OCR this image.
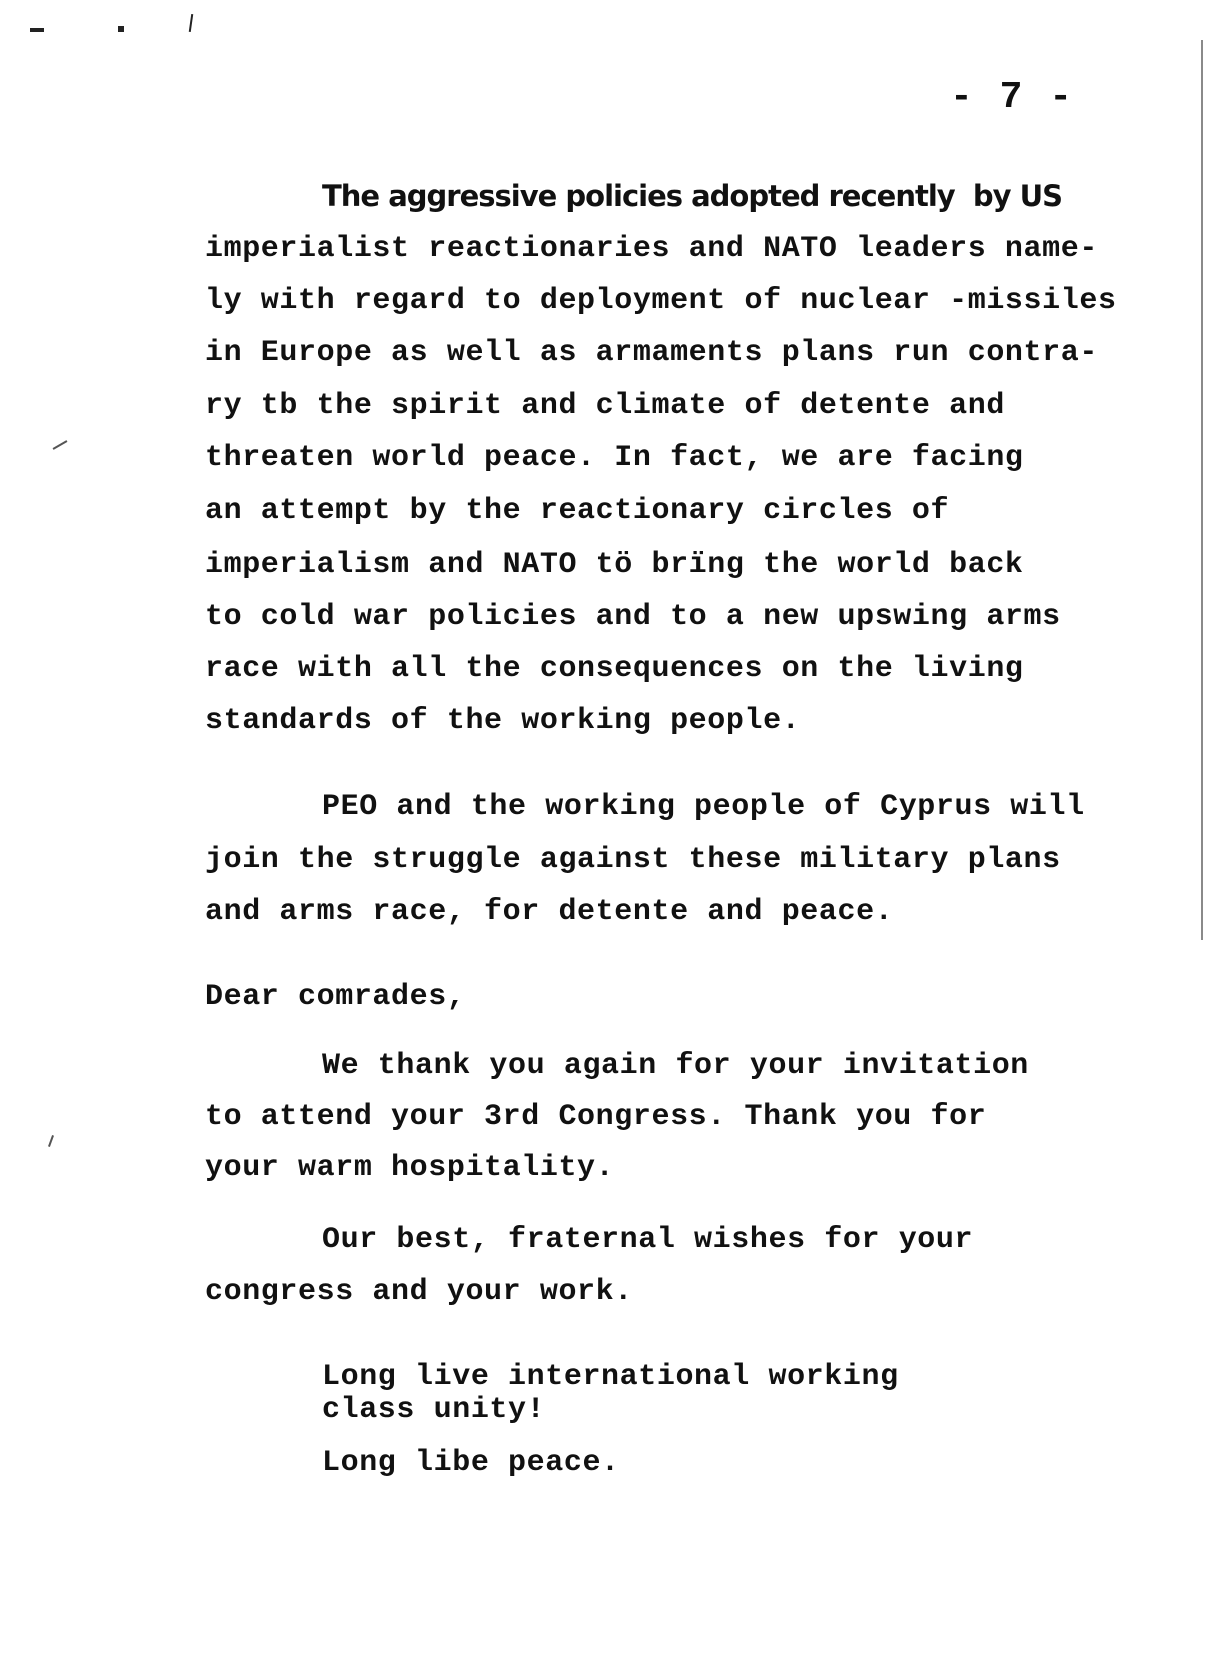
- 7 -
The aggressive policies adopted recently  by US
imperialist reactionaries and NATO leaders name-
ly with regard to deployment of nuclear -missiles
in Europe as well as armaments plans run contra-
ry tb the spirit and climate of detente and
threaten world peace. In fact, we are facing
an attempt by the reactionary circles of
imperialism and NATO tö brïng the world back
to cold war policies and to a new upswing arms
race with all the consequences on the living
standards of the working people.
PEO and the working people of Cyprus will
join the struggle against these military plans
and arms race, for detente and peace.
Dear comrades,
We thank you again for your invitation
to attend your 3rd Congress. Thank you for
your warm hospitality.
Our best, fraternal wishes for your
congress and your work.
Long live international working
class unity!
Long libe peace.
